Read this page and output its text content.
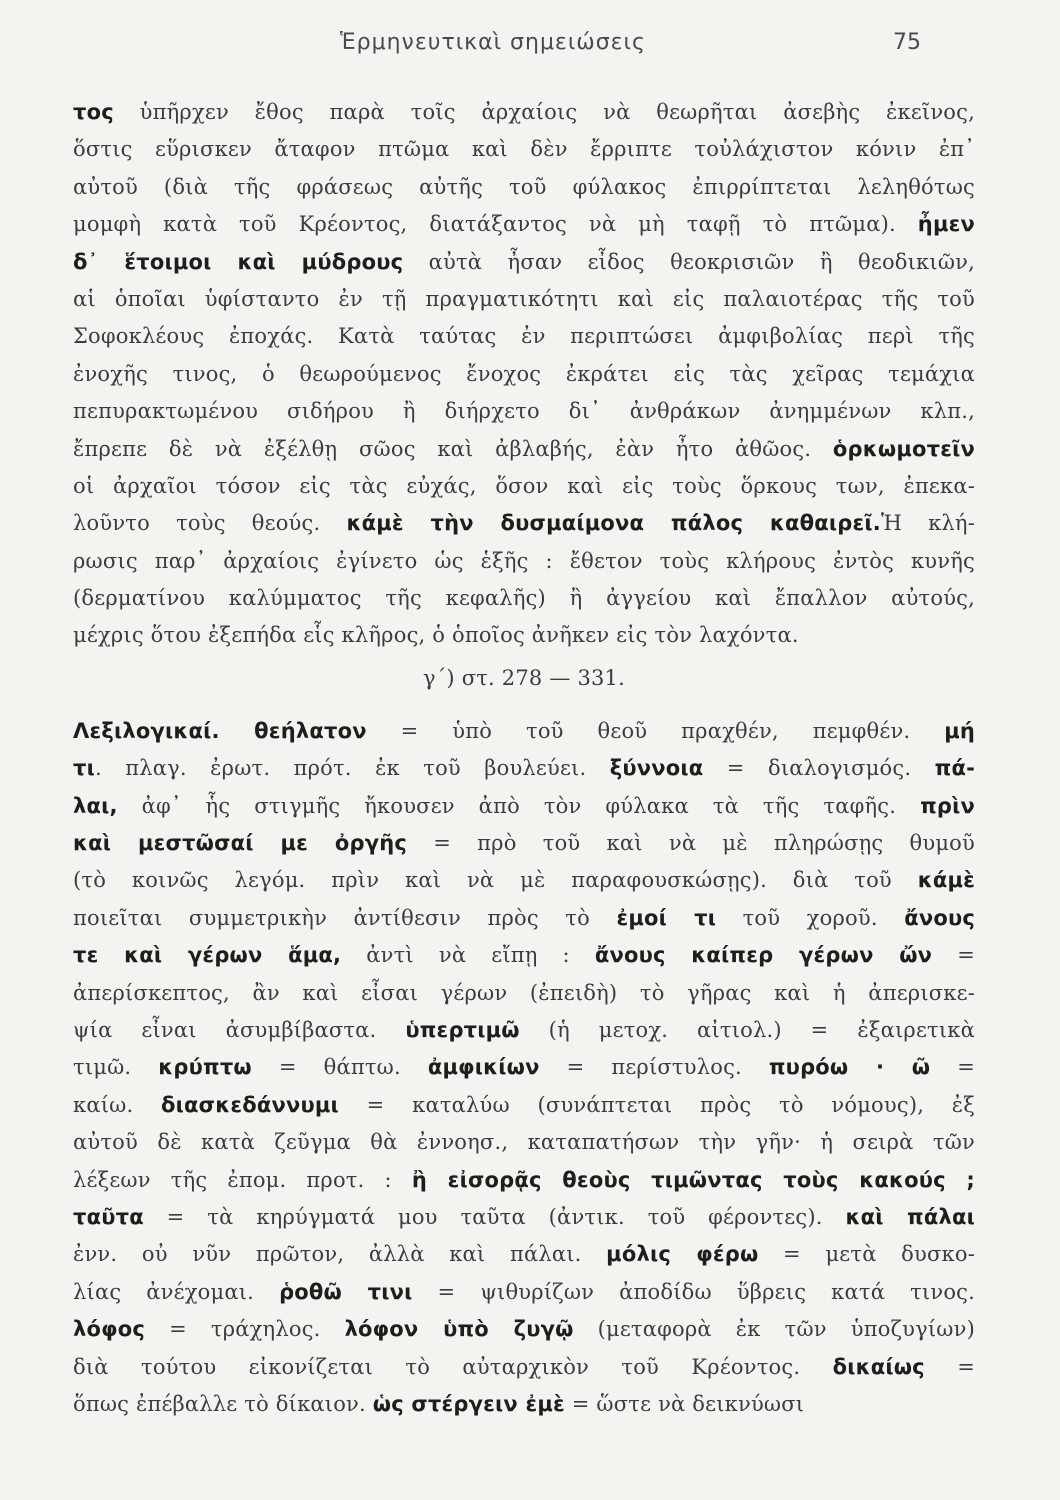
Ἑρμηνευτικαὶ σημειώσεις	75
τος ὑπῆρχεν ἔθος παρὰ τοῖς ἀρχαίοις νὰ θεωρῆται ἀσεβὴς ἐκεῖνος,
ὅστις εὕρισκεν ἄταφον πτῶμα καὶ δὲν ἔρριπτε τοὐλάχιστον κόνιν ἐπ᾽
αὐτοῦ (διὰ τῆς φράσεως αὐτῆς τοῦ φύλακος ἐπιρρίπτεται λεληθότως
μομφὴ κατὰ τοῦ Κρέοντος, διατάξαντος νὰ μὴ ταφῇ τὸ πτῶμα). ἦμεν
δ᾽ ἕτοιμοι καὶ μύδρους αὐτὰ ἦσαν εἶδος θεοκρισιῶν ἢ θεοδικιῶν,
αἱ ὁποῖαι ὑφίσταντο ἐν τῇ πραγματικότητι καὶ εἰς παλαιοτέρας τῆς τοῦ
Σοφοκλέους ἐποχάς. Κατὰ ταύτας ἐν περιπτώσει ἀμφιβολίας περὶ τῆς
ἐνοχῆς τινος, ὁ θεωρούμενος ἔνοχος ἐκράτει εἰς τὰς χεῖρας τεμάχια
πεπυρακτωμένου σιδήρου ἢ διήρχετο δι᾽ ἀνθράκων ἀνημμένων κλπ.,
ἔπρεπε δὲ νὰ ἐξέλθῃ σῶος καὶ ἀβλαβής, ἐὰν ἦτο ἀθῶος. ὁρκωμοτεῖν
οἱ ἀρχαῖοι τόσον εἰς τὰς εὐχάς, ὅσον καὶ εἰς τοὺς ὅρκους των, ἐπεκα-
λοῦντο τοὺς θεούς. κάμὲ τὴν δυσμαίμονα πάλος καθαιρεῖ.Ἡ κλή-
ρωσις παρ᾽ ἀρχαίοις ἐγίνετο ὡς ἑξῆς : ἔθετον τοὺς κλήρους ἐντὸς κυνῆς
(δερματίνου καλύμματος τῆς κεφαλῆς) ἢ ἀγγείου καὶ ἔπαλλον αὐτούς,
μέχρις ὅτου ἐξεπήδα εἷς κλῆρος, ὁ ὁποῖος ἀνῆκεν εἰς τὸν λαχόντα.
γ΄) στ. 278 — 331.
Λεξιλογικαί. θεήλατον = ὑπὸ τοῦ θεοῦ πραχθέν, πεμφθέν. μή
τι. πλαγ. ἐρωτ. πρότ. ἐκ τοῦ βουλεύει. ξύννοια = διαλογισμός. πά-
λαι, ἀφ᾽ ἧς στιγμῆς ἤκουσεν ἀπὸ τὸν φύλακα τὰ τῆς ταφῆς. πρὶν
καὶ μεστῶσαί με ὀργῆς = πρὸ τοῦ καὶ νὰ μὲ πληρώσῃς θυμοῦ
(τὸ κοινῶς λεγόμ. πρὶν καὶ νὰ μὲ παραφουσκώσῃς). διὰ τοῦ κάμὲ
ποιεῖται συμμετρικὴν ἀντίθεσιν πρὸς τὸ ἐμοί τι τοῦ χοροῦ. ἄνους
τε καὶ γέρων ἅμα, ἀντὶ νὰ εἴπῃ : ἄνους καίπερ γέρων ὤν =
ἀπερίσκεπτος, ἂν καὶ εἶσαι γέρων (ἐπειδὴ) τὸ γῆρας καὶ ἡ ἀπερισκε-
ψία εἶναι ἀσυμβίβαστα. ὑπερτιμῶ (ἡ μετοχ. αἰτιολ.) = ἐξαιρετικὰ
τιμῶ. κρύπτω = θάπτω. ἀμφικίων = περίστυλος. πυρόω · ῶ =
καίω. διασκεδάννυμι = καταλύω (συνάπτεται πρὸς τὸ νόμους), ἐξ
αὐτοῦ δὲ κατὰ ζεῦγμα θὰ ἐννοησ., καταπατήσων τὴν γῆν· ἡ σειρὰ τῶν
λέξεων τῆς ἐπομ. προτ. : ἢ εἰσορᾷς θεοὺς τιμῶντας τοὺς κακούς ;
ταῦτα = τὰ κηρύγματά μου ταῦτα (ἀντικ. τοῦ φέροντες). καὶ πάλαι
ἐνν. οὐ νῦν πρῶτον, ἀλλὰ καὶ πάλαι. μόλις φέρω = μετὰ δυσκο-
λίας ἀνέχομαι. ῥοθῶ τινι = ψιθυρίζων ἀποδίδω ὕβρεις κατά τινος.
λόφος = τράχηλος. λόφον ὑπὸ ζυγῷ (μεταφορὰ ἐκ τῶν ὑποζυγίων)
διὰ τούτου εἰκονίζεται τὸ αὐταρχικὸν τοῦ Κρέοντος. δικαίως =
ὅπως ἐπέβαλλε τὸ δίκαιον. ὡς στέργειν ἐμὲ = ὥστε νὰ δεικνύωσι
